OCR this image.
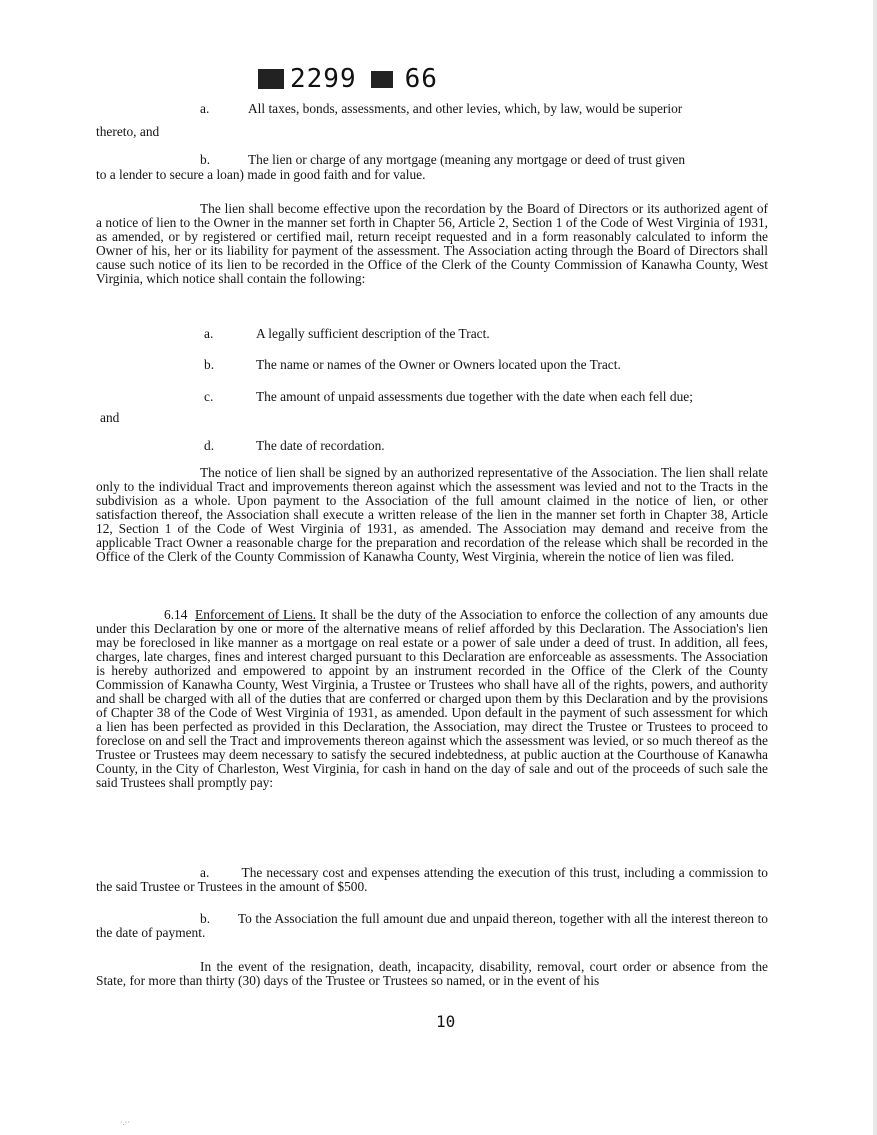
2299 66
a.	All taxes, bonds, assessments, and other levies, which, by law, would be superior
thereto, and
b.	The lien or charge of any mortgage (meaning any mortgage or deed of trust given
to a lender to secure a loan) made in good faith and for value.

The lien shall become effective upon the recordation by the Board of Directors or its authorized agent of a notice of lien to the Owner in the manner set forth in Chapter 56, Article 2, Section 1 of the Code of West Virginia of 1931, as amended, or by registered or certified mail, return receipt requested and in a form reasonably calculated to inform the Owner of his, her or its liability for payment of the assessment. The Association acting through the Board of Directors shall cause such notice of its lien to be recorded in the Office of the Clerk of the County Commission of Kanawha County, West Virginia, which notice shall contain the following:

a.	A legally sufficient description of the Tract.
b.	The name or names of the Owner or Owners located upon the Tract.
c.	The amount of unpaid assessments due together with the date when each fell due;
and
d.	The date of recordation.

The notice of lien shall be signed by an authorized representative of the Association. The lien shall relate only to the individual Tract and improvements thereon against which the assessment was levied and not to the Tracts in the subdivision as a whole. Upon payment to the Association of the full amount claimed in the notice of lien, or other satisfaction thereof, the Association shall execute a written release of the lien in the manner set forth in Chapter 38, Article 12, Section 1 of the Code of West Virginia of 1931, as amended. The Association may demand and receive from the applicable Tract Owner a reasonable charge for the preparation and recordation of the release which shall be recorded in the Office of the Clerk of the County Commission of Kanawha County, West Virginia, wherein the notice of lien was filed.

6.14 Enforcement of Liens. It shall be the duty of the Association to enforce the collection of any amounts due under this Declaration by one or more of the alternative means of relief afforded by this Declaration. The Association's lien may be foreclosed in like manner as a mortgage on real estate or a power of sale under a deed of trust. In addition, all fees, charges, late charges, fines and interest charged pursuant to this Declaration are enforceable as assessments. The Association is hereby authorized and empowered to appoint by an instrument recorded in the Office of the Clerk of the County Commission of Kanawha County, West Virginia, a Trustee or Trustees who shall have all of the rights, powers, and authority and shall be charged with all of the duties that are conferred or charged upon them by this Declaration and by the provisions of Chapter 38 of the Code of West Virginia of 1931, as amended. Upon default in the payment of such assessment for which a lien has been perfected as provided in this Declaration, the Association, may direct the Trustee or Trustees to proceed to foreclose on and sell the Tract and improvements thereon against which the assessment was levied, or so much thereof as the Trustee or Trustees may deem necessary to satisfy the secured indebtedness, at public auction at the Courthouse of Kanawha County, in the City of Charleston, West Virginia, for cash in hand on the day of sale and out of the proceeds of such sale the said Trustees shall promptly pay:

a. The necessary cost and expenses attending the execution of this trust, including a commission to the said Trustee or Trustees in the amount of $500.

b. To the Association the full amount due and unpaid thereon, together with all the interest thereon to the date of payment.

In the event of the resignation, death, incapacity, disability, removal, court order or absence from the State, for more than thirty (30) days of the Trustee or Trustees so named, or in the event of his

10
·.··
